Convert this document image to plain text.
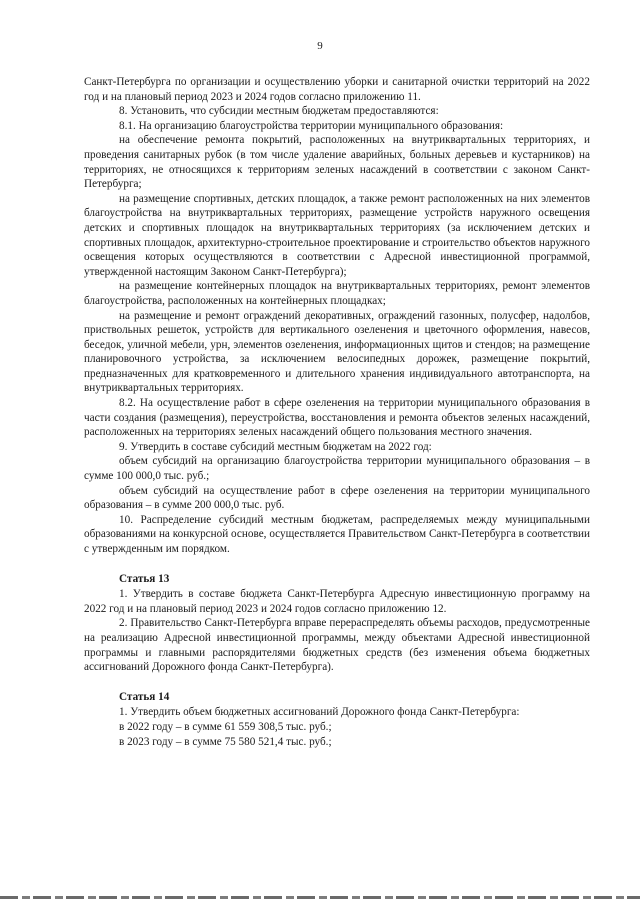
9

Санкт-Петербурга по организации и осуществлению уборки и санитарной очистки территорий на 2022 год и на плановый период 2023 и 2024 годов согласно приложению 11.

8. Установить, что субсидии местным бюджетам предоставляются:

8.1. На организацию благоустройства территории муниципального образования:

на обеспечение ремонта покрытий, расположенных на внутриквартальных территориях, и проведения санитарных рубок (в том числе удаление аварийных, больных деревьев и кустарников) на территориях, не относящихся к территориям зеленых насаждений в соответствии с законом Санкт-Петербурга;

на размещение спортивных, детских площадок, а также ремонт расположенных на них элементов благоустройства на внутриквартальных территориях, размещение устройств наружного освещения детских и спортивных площадок на внутриквартальных территориях (за исключением детских и спортивных площадок, архитектурно-строительное проектирование и строительство объектов наружного освещения которых осуществляются в соответствии с Адресной инвестиционной программой, утвержденной настоящим Законом Санкт-Петербурга);

на размещение контейнерных площадок на внутриквартальных территориях, ремонт элементов благоустройства, расположенных на контейнерных площадках;

на размещение и ремонт ограждений декоративных, ограждений газонных, полусфер, надолбов, приствольных решеток, устройств для вертикального озеленения и цветочного оформления, навесов, беседок, уличной мебели, урн, элементов озеленения, информационных щитов и стендов; на размещение планировочного устройства, за исключением велосипедных дорожек, размещение покрытий, предназначенных для кратковременного и длительного хранения индивидуального автотранспорта, на внутриквартальных территориях.

8.2. На осуществление работ в сфере озеленения на территории муниципального образования в части создания (размещения), переустройства, восстановления и ремонта объектов зеленых насаждений, расположенных на территориях зеленых насаждений общего пользования местного значения.

9. Утвердить в составе субсидий местным бюджетам на 2022 год:

объем субсидий на организацию благоустройства территории муниципального образования – в сумме 100 000,0 тыс. руб.;

объем субсидий на осуществление работ в сфере озеленения на территории муниципального образования – в сумме 200 000,0 тыс. руб.

10. Распределение субсидий местным бюджетам, распределяемых между муниципальными образованиями на конкурсной основе, осуществляется Правительством Санкт-Петербурга в соответствии с утвержденным им порядком.

Статья 13

1. Утвердить в составе бюджета Санкт-Петербурга Адресную инвестиционную программу на 2022 год и на плановый период 2023 и 2024 годов согласно приложению 12.

2. Правительство Санкт-Петербурга вправе перераспределять объемы расходов, предусмотренные на реализацию Адресной инвестиционной программы, между объектами Адресной инвестиционной программы и главными распорядителями бюджетных средств (без изменения объема бюджетных ассигнований Дорожного фонда Санкт-Петербурга).

Статья 14

1. Утвердить объем бюджетных ассигнований Дорожного фонда Санкт-Петербурга:

в 2022 году – в сумме 61 559 308,5 тыс. руб.;

в 2023 году – в сумме 75 580 521,4 тыс. руб.;
